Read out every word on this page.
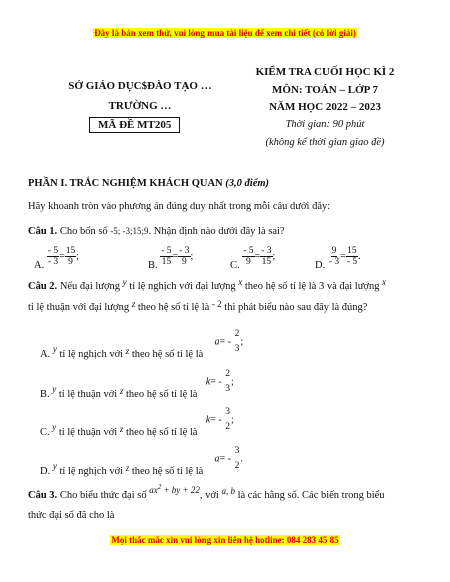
Đây là bản xem thử, vui lòng mua tài liệu để xem chi tiết (có lời giải)
SỞ GIÁO DỤC$ĐÀO TẠO …
TRƯỜNG …
MÃ ĐỀ MT205
KIỂM TRA CUỐI HỌC KÌ 2
MÔN: TOÁN – LỚP 7
NĂM HỌC 2022 – 2023
Thời gian: 90 phút
(không kể thời gian giao đề)
PHẦN I. TRẮC NGHIỆM KHÁCH QUAN (3,0 điểm)
Hãy khoanh tròn vào phương án đúng duy nhất trong mỗi câu dưới đây:
Câu 1. Cho bốn số -5; -3;15;9. Nhận định nào dưới đây là sai?
A. $\frac{- 5}{- 3} = \frac{15}{9}$ ;
B. $\frac{- 5}{15} = \frac{- 3}{9}$ ;
C. $\frac{- 5}{9} = \frac{- 3}{15}$ ;
D. $\frac{9}{- 3} = \frac{15}{- 5}$ .
Câu 2. Nếu đại lượng y tỉ lệ nghịch với đại lượng x theo hệ số tỉ lệ là 3 và đại lượng x
tỉ lệ thuận với đại lượng z theo hệ số tỉ lệ là - 2 thì phát biểu nào sau đây là đúng?
A. y tỉ lệ nghịch với z theo hệ số tỉ lệ là  a= -
2
3
;
B. y tỉ lệ thuận với z theo hệ số tỉ lệ là  k= -
2
3
;
C. y tỉ lệ thuận với z theo hệ số tỉ lệ là  k= -
3
2
;
D. y tỉ lệ nghịch với z theo hệ số tỉ lệ là  a= -
3
2
.
Câu 3. Cho biểu thức đại số $ax^2$ + by + 22, với a, b là các hằng số. Các biến trong biểu
thức đại số đã cho là
Mọi thắc mắc xin vui lòng xin liên hệ hotline: 084 283 45 85
